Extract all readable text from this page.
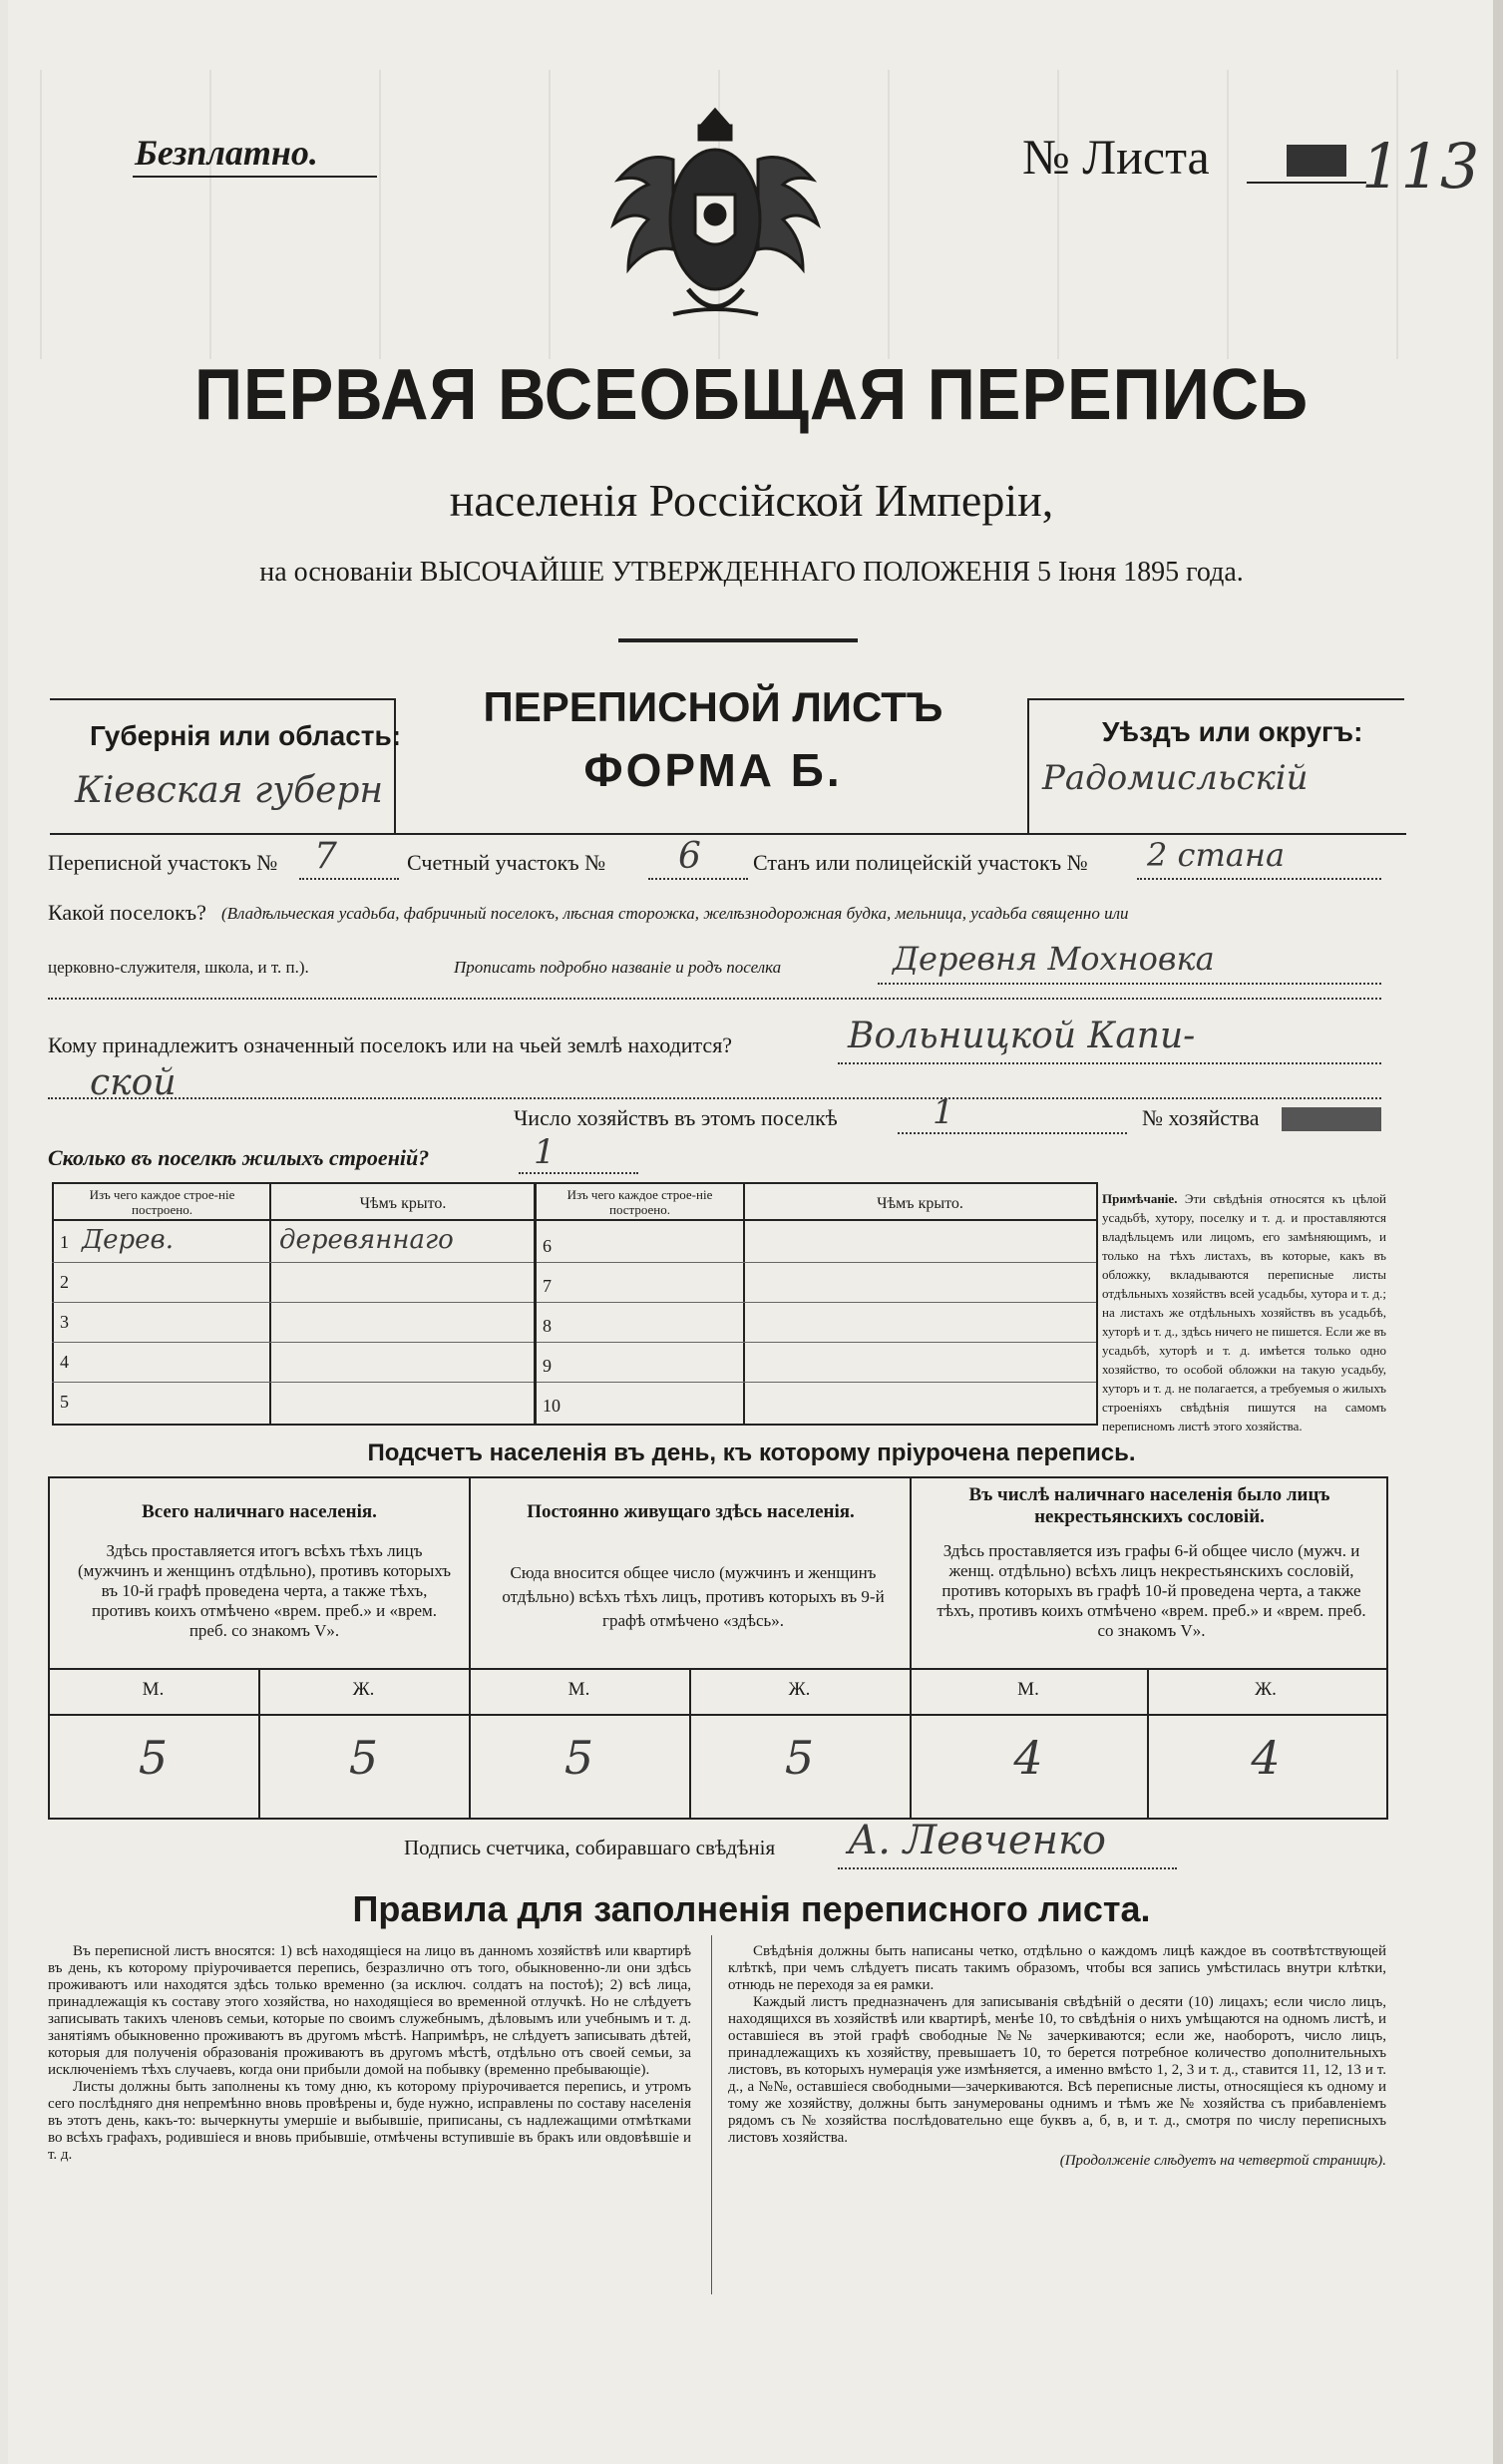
Безплатно.	№ Листа 113
ПЕРВАЯ ВСЕОБЩАЯ ПЕРЕПИСЬ
населенія Россійской Имперіи,
на основаніи ВЫСОЧАЙШЕ УТВЕРЖДЕННАГО ПОЛОЖЕНІЯ 5 Іюня 1895 года.
ПЕРЕПИСНОЙ ЛИСТЪ
ФОРМА Б.
Губернія или область:
Кiевская губерн
Уѣздъ или округъ:
Радомисльскiй
Переписной участокъ № 7	Счетный участокъ № 6 Станъ или полицейскій участокъ № 2 стана
Какой поселокъ? (Владѣльческая усадьба, фабричный поселокъ, лѣсная сторожка, желѣзнодорожная будка, мельница, усадьба священно или
церковно-служителя, школа, и т. п.).	Прописать подробно названіе и родъ поселка	Деревня Мохновка
Кому принадлежитъ означенный поселокъ или на чьей землѣ находится?	Вольницкой Капи-
ской
Число хозяйствъ въ этомъ поселкѣ	1	№ хозяйства
Сколько въ поселкѣ жилыхъ строеній?	1
Изъ чего каждое строе-ніе построено.	Чѣмъ крыто.
Изъ чего каждое строе-ніе построено.	Чѣмъ крыто.
1 Дерев.	деревяннаго
2
3
4
5
6
7
8
9
10
Примѣчаніе. Эти свѣдѣнія относятся къ цѣлой усадьбѣ, хутору, поселку и т. д. и проставляются владѣльцемъ или лицомъ, его замѣняющимъ, и только на тѣхъ листахъ, въ которые, какъ въ обложку, вкладываются переписные листы отдѣльныхъ хозяйствъ всей усадьбы, хутора и т. д.; на листахъ же отдѣльныхъ хозяйствъ въ усадьбѣ, хуторѣ и т. д., здѣсь ничего не пишется. Если же въ усадьбѣ, хуторѣ и т. д. имѣется только одно хозяйство, то особой обложки на такую усадьбу, хуторъ и т. д. не полагается, а требуемыя о жилыхъ строеніяхъ свѣдѣнія пишутся на самомъ переписномъ листѣ этого хозяйства.
Подсчетъ населенія въ день, къ которому пріурочена перепись.
Всего наличнаго населенія.
Здѣсь проставляется итогъ всѣхъ тѣхъ лицъ (мужчинъ и женщинъ отдѣльно), противъ которыхъ въ 10-й графѣ проведена черта, а также тѣхъ, противъ коихъ отмѣчено «врем. преб.» и «врем. преб. со знакомъ V».
Постоянно живущаго здѣсь населенія.
Сюда вносится общее число (мужчинъ и женщинъ отдѣльно) всѣхъ тѣхъ лицъ, противъ которыхъ въ 9-й графѣ отмѣчено «здѣсь».
Въ числѣ наличнаго населенія было лицъ некрестьянскихъ сословій.
Здѣсь проставляется изъ графы 6-й общее число (мужч. и женщ. отдѣльно) всѣхъ лицъ некрестьянскихъ сословій, противъ которыхъ въ графѣ 10-й проведена черта, а также тѣхъ, противъ коихъ отмѣчено «врем. преб.» и «врем. преб. со знакомъ V».
М.	Ж.	М.	Ж.	М.	Ж.
5	5	5	5	4	4
Подпись счетчика, собиравшаго свѣдѣнія А. Левченко
Правила для заполненія переписного листа.

Въ переписной листъ вносятся: 1) всѣ находящіеся на лицо въ данномъ хозяйствѣ или квартирѣ въ день, къ которому пріурочивается перепись, безразлично отъ того, обыкновенно-ли они здѣсь проживаютъ или находятся здѣсь только временно (за исключ. солдатъ на постоѣ); 2) всѣ лица, принадлежащія къ составу этого хозяйства, но находящіеся во временной отлучкѣ. Но не слѣдуетъ записывать такихъ членовъ семьи, которые по своимъ служебнымъ, дѣловымъ или учебнымъ и т. д. занятіямъ обыкновенно проживаютъ въ другомъ мѣстѣ. Напримѣръ, не слѣдуетъ записывать дѣтей, которыя для полученія образованія проживаютъ въ другомъ мѣстѣ, отдѣльно отъ своей семьи, за исключеніемъ тѣхъ случаевъ, когда они прибыли домой на побывку (временно пребывающіе).

Листы должны быть заполнены къ тому дню, къ которому пріурочивается перепись, и утромъ сего послѣдняго дня непремѣнно вновь провѣрены и, буде нужно, исправлены по составу населенія въ этотъ день, какъ-то: вычеркнуты умершіе и выбывшіе, приписаны, съ надлежащими отмѣтками во всѣхъ графахъ, родившіеся и вновь прибывшіе, отмѣчены вступившіе въ бракъ или овдовѣвшіе и т. д.

Свѣдѣнія должны быть написаны четко, отдѣльно о каждомъ лицѣ каждое въ соотвѣтствующей клѣткѣ, при чемъ слѣдуетъ писать такимъ образомъ, чтобы вся запись умѣстилась внутри клѣтки, отнюдь не переходя за ея рамки.

Каждый листъ предназначенъ для записыванія свѣдѣній о десяти (10) лицахъ; если число лицъ, находящихся въ хозяйствѣ или квартирѣ, менѣе 10, то свѣдѣнія о нихъ умѣщаются на одномъ листѣ, и оставшіеся въ этой графѣ свободные №№ зачеркиваются; если же, наоборотъ, число лицъ, принадлежащихъ къ хозяйству, превышаетъ 10, то берется потребное количество дополнительныхъ листовъ, въ которыхъ нумерація уже измѣняется, а именно вмѣсто 1, 2, 3 и т. д., ставится 11, 12, 13 и т. д., а №№, оставшіеся свободными—зачеркиваются. Всѣ переписные листы, относящіеся къ одному и тому же хозяйству, должны быть занумерованы однимъ и тѣмъ же № хозяйства съ прибавленіемъ рядомъ съ № хозяйства послѣдовательно еще буквъ а, б, в, и т. д., смотря по числу переписныхъ листовъ хозяйства.

(Продолженіе слѣдуетъ на четвертой страницѣ).
